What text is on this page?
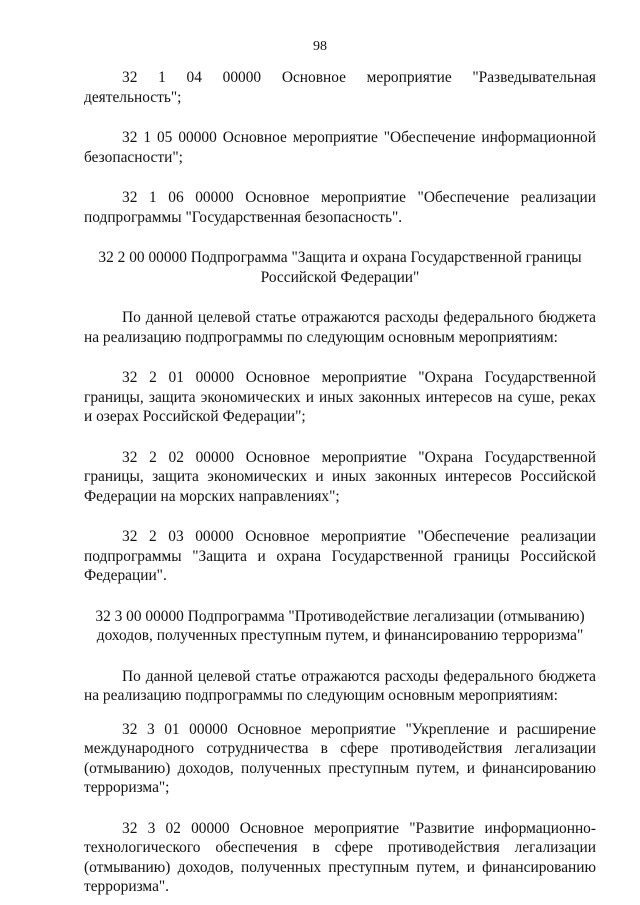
98

32 1 04 00000 Основное мероприятие "Разведывательная деятельность";

32 1 05 00000 Основное мероприятие "Обеспечение информационной безопасности";

32 1 06 00000 Основное мероприятие "Обеспечение реализации подпрограммы "Государственная безопасность".

32 2 00 00000 Подпрограмма "Защита и охрана Государственной границы Российской Федерации"

По данной целевой статье отражаются расходы федерального бюджета на реализацию подпрограммы по следующим основным мероприятиям:

32 2 01 00000 Основное мероприятие "Охрана Государственной границы, защита экономических и иных законных интересов на суше, реках и озерах Российской Федерации";

32 2 02 00000 Основное мероприятие "Охрана Государственной границы, защита экономических и иных законных интересов Российской Федерации на морских направлениях";

32 2 03 00000 Основное мероприятие "Обеспечение реализации подпрограммы "Защита и охрана Государственной границы Российской Федерации".

32 3 00 00000 Подпрограмма "Противодействие легализации (отмыванию) доходов, полученных преступным путем, и финансированию терроризма"

По данной целевой статье отражаются расходы федерального бюджета на реализацию подпрограммы по следующим основным мероприятиям:

32 3 01 00000 Основное мероприятие "Укрепление и расширение международного сотрудничества в сфере противодействия легализации (отмыванию) доходов, полученных преступным путем, и финансированию терроризма";

32 3 02 00000 Основное мероприятие "Развитие информационно-технологического обеспечения в сфере противодействия легализации (отмыванию) доходов, полученных преступным путем, и финансированию терроризма".
